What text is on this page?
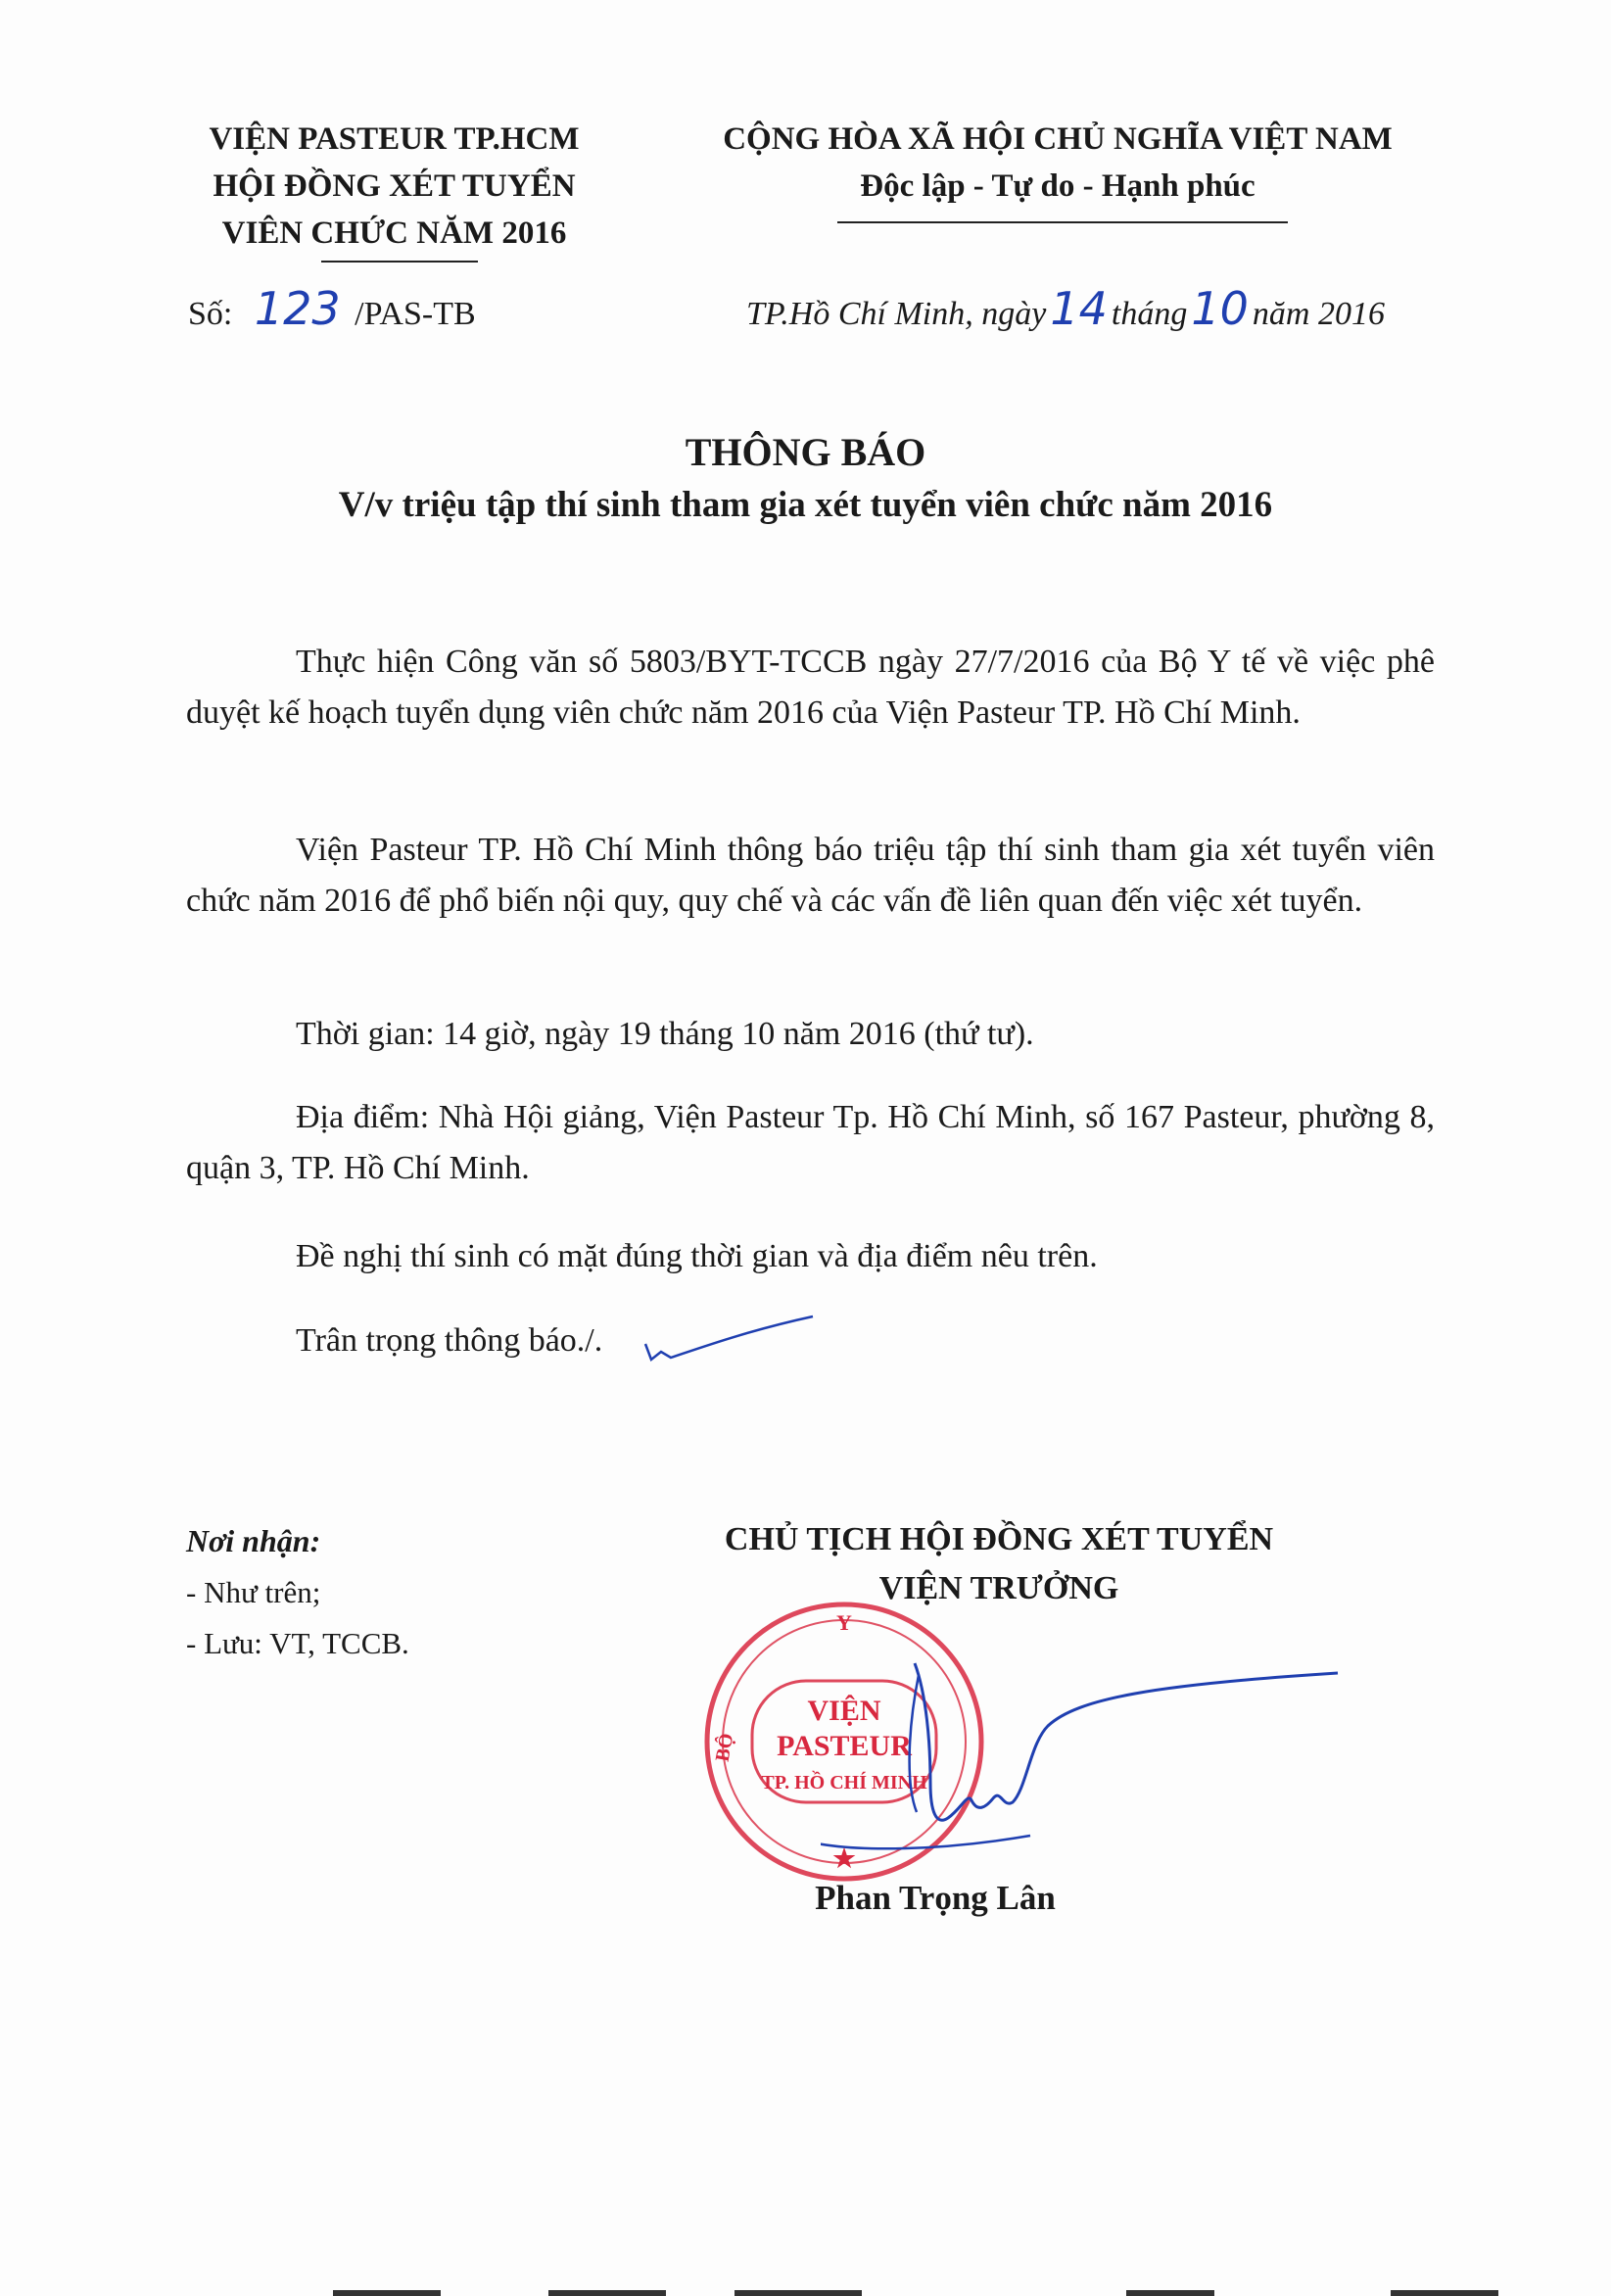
VIỆN PASTEUR TP.HCM
HỘI ĐỒNG XÉT TUYỂN
VIÊN CHỨC NĂM 2016
CỘNG HÒA XÃ HỘI CHỦ NGHĨA VIỆT NAM
Độc lập - Tự do - Hạnh phúc
Số: 123 /PAS-TB	TP.Hồ Chí Minh, ngày14 tháng10 năm 2016
THÔNG BÁO
V/v triệu tập thí sinh tham gia xét tuyển viên chức năm 2016
Thực hiện Công văn số 5803/BYT-TCCB ngày 27/7/2016 của Bộ Y tế về việc phê duyệt kế hoạch tuyển dụng viên chức năm 2016 của Viện Pasteur TP. Hồ Chí Minh.
Viện Pasteur TP. Hồ Chí Minh thông báo triệu tập thí sinh tham gia xét tuyển viên chức năm 2016 để phổ biến nội quy, quy chế và các vấn đề liên quan đến việc xét tuyển.
Thời gian: 14 giờ, ngày 19 tháng 10 năm 2016 (thứ tư).
Địa điểm: Nhà Hội giảng, Viện Pasteur Tp. Hồ Chí Minh, số 167 Pasteur, phường 8, quận 3, TP. Hồ Chí Minh.
Đề nghị thí sinh có mặt đúng thời gian và địa điểm nêu trên.
Trân trọng thông báo./.
Nơi nhận:
- Như trên;
- Lưu: VT, TCCB.
CHỦ TỊCH HỘI ĐỒNG XÉT TUYỂN
VIỆN TRƯỞNG
Y
BỘ
VIỆN
PASTEUR
TP. HỒ CHÍ MINH
★
Phan Trọng Lân
